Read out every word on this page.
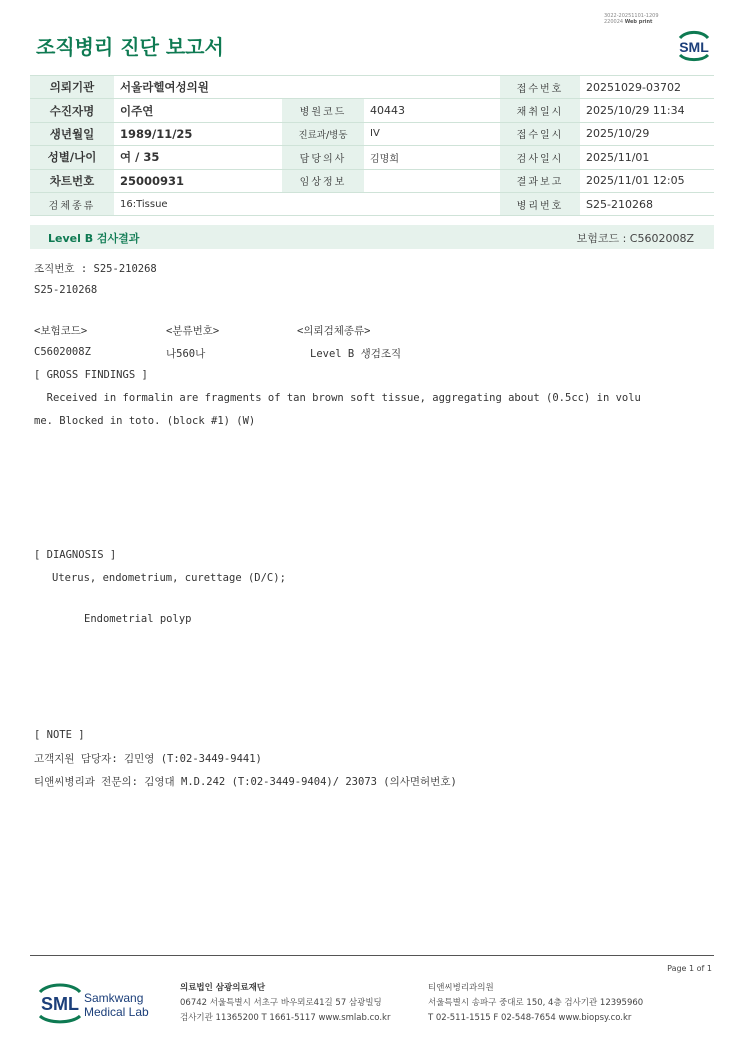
3022-20251101-1209
220024 Web print
조직병리 진단 보고서	SML
의뢰기관	서울라헬여성의원			접수번호	20251029-03702
수진자명	이주연	병원코드	40443	채취일시	2025/10/29 11:34
생년월일	1989/11/25	진료과/병동	IV	접수일시	2025/10/29
성별/나이	여 / 35	담당의사	김명희	검사일시	2025/11/01
차트번호	25000931	임상정보		결과보고	2025/11/01 12:05
검체종류	16:Tissue			병리번호	S25-210268
Level B 검사결과	보험코드 : C5602008Z
조직번호 : S25-210268
S25-210268
<보험코드>	<분류번호>	<의뢰검체종류>
C5602008Z	나560나	Level B 생검조직
[ GROSS FINDINGS ]
Received in formalin are fragments of tan brown soft tissue, aggregating about (0.5cc) in volu
me. Blocked in toto. (block #1) (W)
[ DIAGNOSIS ]
Uterus, endometrium, curettage (D/C);
Endometrial polyp
[ NOTE ]
고객지원 담당자: 김민영 (T:02-3449-9441)
티앤씨병리과 전문의: 김영대 M.D.242 (T:02-3449-9404)/ 23073 (의사면허번호)
Page 1 of 1
SML Samkwang
Medical Lab
의료법인 삼광의료재단
06742 서울특별시 서초구 바우뫼로41길 57 삼광빌딩
검사기관 11365200 T 1661-5117 www.smlab.co.kr
티앤씨병리과의원
서울특별시 송파구 중대로 150, 4층 검사기관 12395960
T 02-511-1515 F 02-548-7654 www.biopsy.co.kr
